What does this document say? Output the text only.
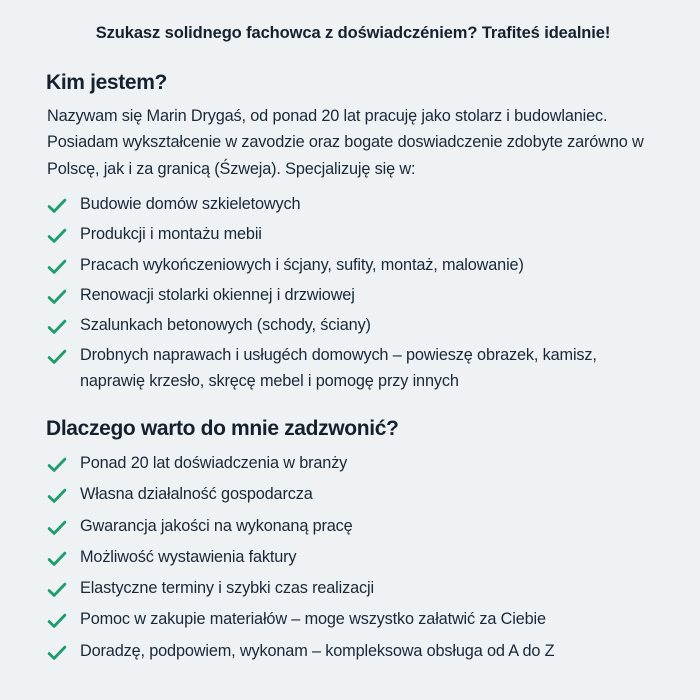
Szukasz solidnego fachowca z doświadczéniem? Trafiteś idealnie!
Kim jestem?

Nazywam się Marin Drygaś, od ponad 20 lat pracuję jako stolarz i budowlaniec. Posiadam wykształcenie w zavodzie oraz bogate doswiadczenie zdobyte zarówno w Polscę, jak i za granicą (Śzweja). Specjalizuję się w:

Budowie domów szkieletowych
Produkcji i montażu mebii
Pracach wykończeniowych i ścjany, sufity, montaż, malowanie)
Renowacji stolarki okiennej i drzwiowej
Szalunkach betonowych (schody, ściany)
Drobnych naprawach i usługéch domowych – powieszę obrazek, kamisz, naprawię krzesło, skręcę mebel i pomogę przy innych
Dlaczego warto do mnie zadzwonić?
Ponad 20 lat doświadczenia w branży
Własna działalność gospodarcza
Gwarancja jakości na wykonaną pracę
Możliwość wystawienia faktury
Elastyczne terminy i szybki czas realizacji
Pomoc w zakupie materiałów – moge wszystko załatwić za Ciebie
Doradzę, podpowiem, wykonam – kompleksowa obsługa od A do Z
